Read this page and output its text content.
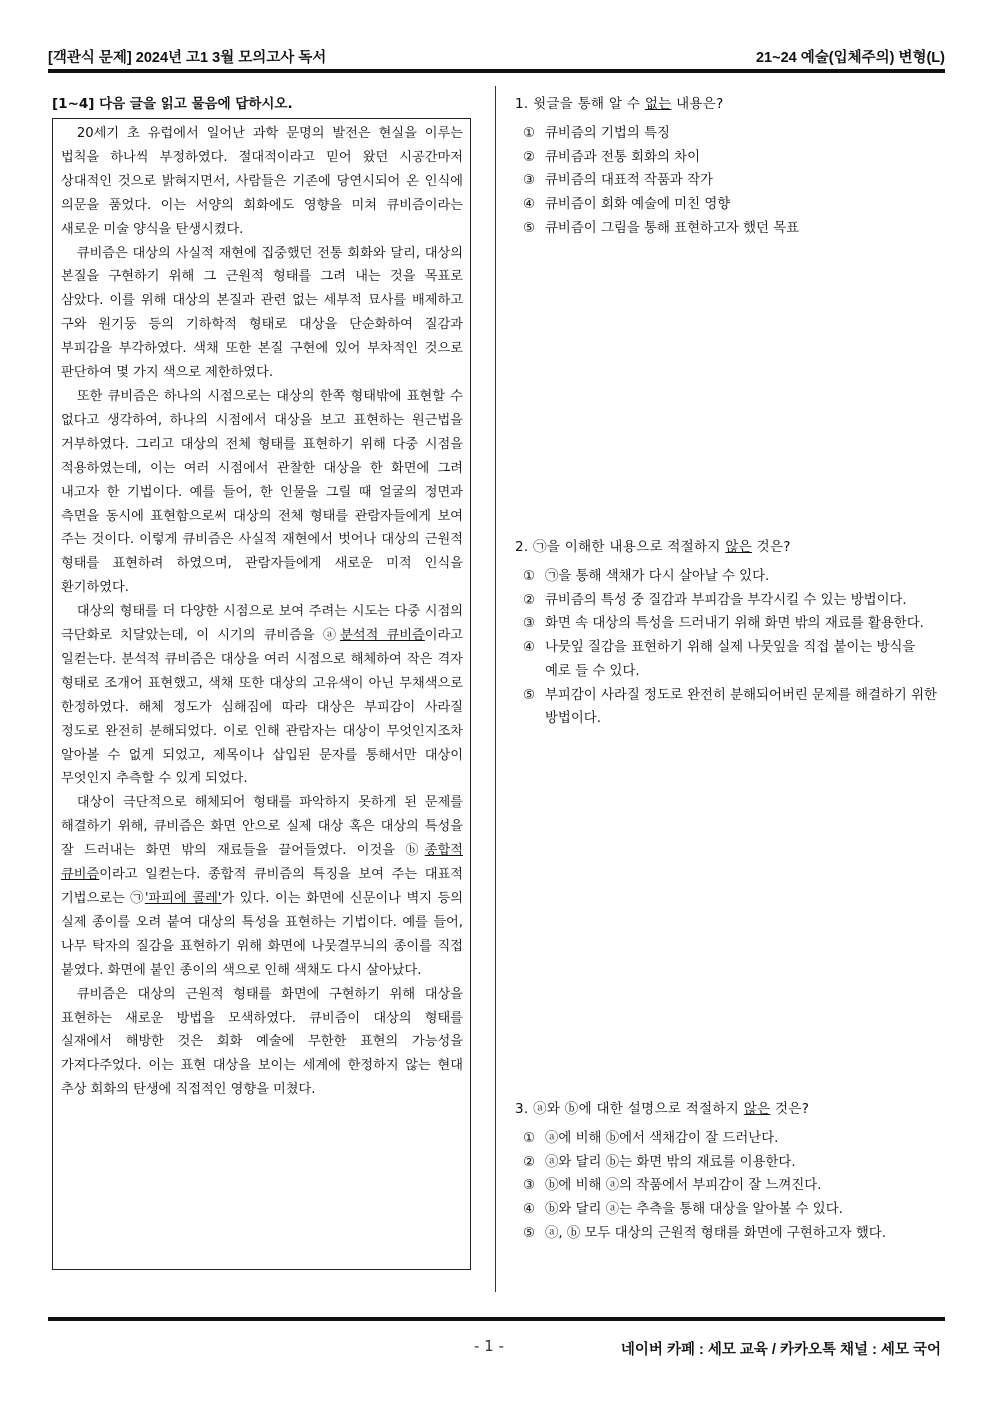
[객관식 문제] 2024년 고1 3월 모의고사 독서	21~24 예술(입체주의) 변형(L)
[1~4] 다음 글을 읽고 물음에 답하시오.

20세기 초 유럽에서 일어난 과학 문명의 발전은 현실을 이루는 법칙을 하나씩 부정하였다. 절대적이라고 믿어 왔던 시공간마저 상대적인 것으로 밝혀지면서, 사람들은 기존에 당연시되어 온 인식에 의문을 품었다. 이는 서양의 회화에도 영향을 미쳐 큐비즘이라는 새로운 미술 양식을 탄생시켰다.

큐비즘은 대상의 사실적 재현에 집중했던 전통 회화와 달리, 대상의 본질을 구현하기 위해 그 근원적 형태를 그려 내는 것을 목표로 삼았다. 이를 위해 대상의 본질과 관련 없는 세부적 묘사를 배제하고 구와 원기둥 등의 기하학적 형태로 대상을 단순화하여 질감과 부피감을 부각하였다. 색채 또한 본질 구현에 있어 부차적인 것으로 판단하여 몇 가지 색으로 제한하였다.

또한 큐비즘은 하나의 시점으로는 대상의 한쪽 형태밖에 표현할 수 없다고 생각하여, 하나의 시점에서 대상을 보고 표현하는 원근법을 거부하였다. 그리고 대상의 전체 형태를 표현하기 위해 다중 시점을 적용하였는데, 이는 여러 시점에서 관찰한 대상을 한 화면에 그려 내고자 한 기법이다. 예를 들어, 한 인물을 그릴 때 얼굴의 정면과 측면을 동시에 표현함으로써 대상의 전체 형태를 관람자들에게 보여 주는 것이다. 이렇게 큐비즘은 사실적 재현에서 벗어나 대상의 근원적 형태를 표현하려 하였으며, 관람자들에게 새로운 미적 인식을 환기하였다.

대상의 형태를 더 다양한 시점으로 보여 주려는 시도는 다중 시점의 극단화로 치달았는데, 이 시기의 큐비즘을 ⓐ분석적 큐비즘이라고 일컫는다. 분석적 큐비즘은 대상을 여러 시점으로 해체하여 작은 격자 형태로 조개어 표현했고, 색채 또한 대상의 고유색이 아닌 무채색으로 한정하였다. 해체 정도가 심해짐에 따라 대상은 부피감이 사라질 정도로 완전히 분해되었다. 이로 인해 관람자는 대상이 무엇인지조차 알아볼 수 없게 되었고, 제목이나 삽입된 문자를 통해서만 대상이 무엇인지 추측할 수 있게 되었다.

대상이 극단적으로 해체되어 형태를 파악하지 못하게 된 문제를 해결하기 위해, 큐비즘은 화면 안으로 실제 대상 혹은 대상의 특성을 잘 드러내는 화면 밖의 재료들을 끌어들였다. 이것을 ⓑ종합적 큐비즘이라고 일컫는다. 종합적 큐비즘의 특징을 보여 주는 대표적 기법으로는 ㉠'파피에 콜레'가 있다. 이는 화면에 신문이나 벽지 등의 실제 종이를 오려 붙여 대상의 특성을 표현하는 기법이다. 예를 들어, 나무 탁자의 질감을 표현하기 위해 화면에 나뭇결무늬의 종이를 직접 붙였다. 화면에 붙인 종이의 색으로 인해 색채도 다시 살아났다.

큐비즘은 대상의 근원적 형태를 화면에 구현하기 위해 대상을 표현하는 새로운 방법을 모색하였다. 큐비즘이 대상의 형태를 실재에서 해방한 것은 회화 예술에 무한한 표현의 가능성을 가져다주었다. 이는 표현 대상을 보이는 세계에 한정하지 않는 현대 추상 회화의 탄생에 직접적인 영향을 미쳤다.

1. 윗글을 통해 알 수 없는 내용은?
① 큐비즘의 기법의 특징
② 큐비즘과 전통 회화의 차이
③ 큐비즘의 대표적 작품과 작가
④ 큐비즘이 회화 예술에 미친 영향
⑤ 큐비즘이 그림을 통해 표현하고자 했던 목표
2. ㉠을 이해한 내용으로 적절하지 않은 것은?
① ㉠을 통해 색채가 다시 살아날 수 있다.
② 큐비즘의 특성 중 질감과 부피감을 부각시킬 수 있는 방법이다.
③ 화면 속 대상의 특성을 드러내기 위해 화면 밖의 재료를 활용한다.
④ 나뭇잎 질감을 표현하기 위해 실제 나뭇잎을 직접 붙이는 방식을 예로 들 수 있다.
⑤ 부피감이 사라질 정도로 완전히 분해되어버린 문제를 해결하기 위한 방법이다.
3. ⓐ와 ⓑ에 대한 설명으로 적절하지 않은 것은?
① ⓐ에 비해 ⓑ에서 색채감이 잘 드러난다.
② ⓐ와 달리 ⓑ는 화면 밖의 재료를 이용한다.
③ ⓑ에 비해 ⓐ의 작품에서 부피감이 잘 느껴진다.
④ ⓑ와 달리 ⓐ는 추측을 통해 대상을 알아볼 수 있다.
⑤ ⓐ, ⓑ 모두 대상의 근원적 형태를 화면에 구현하고자 했다.
- 1 -	네이버 카페 : 세모 교육 / 카카오톡 채널 : 세모 국어
